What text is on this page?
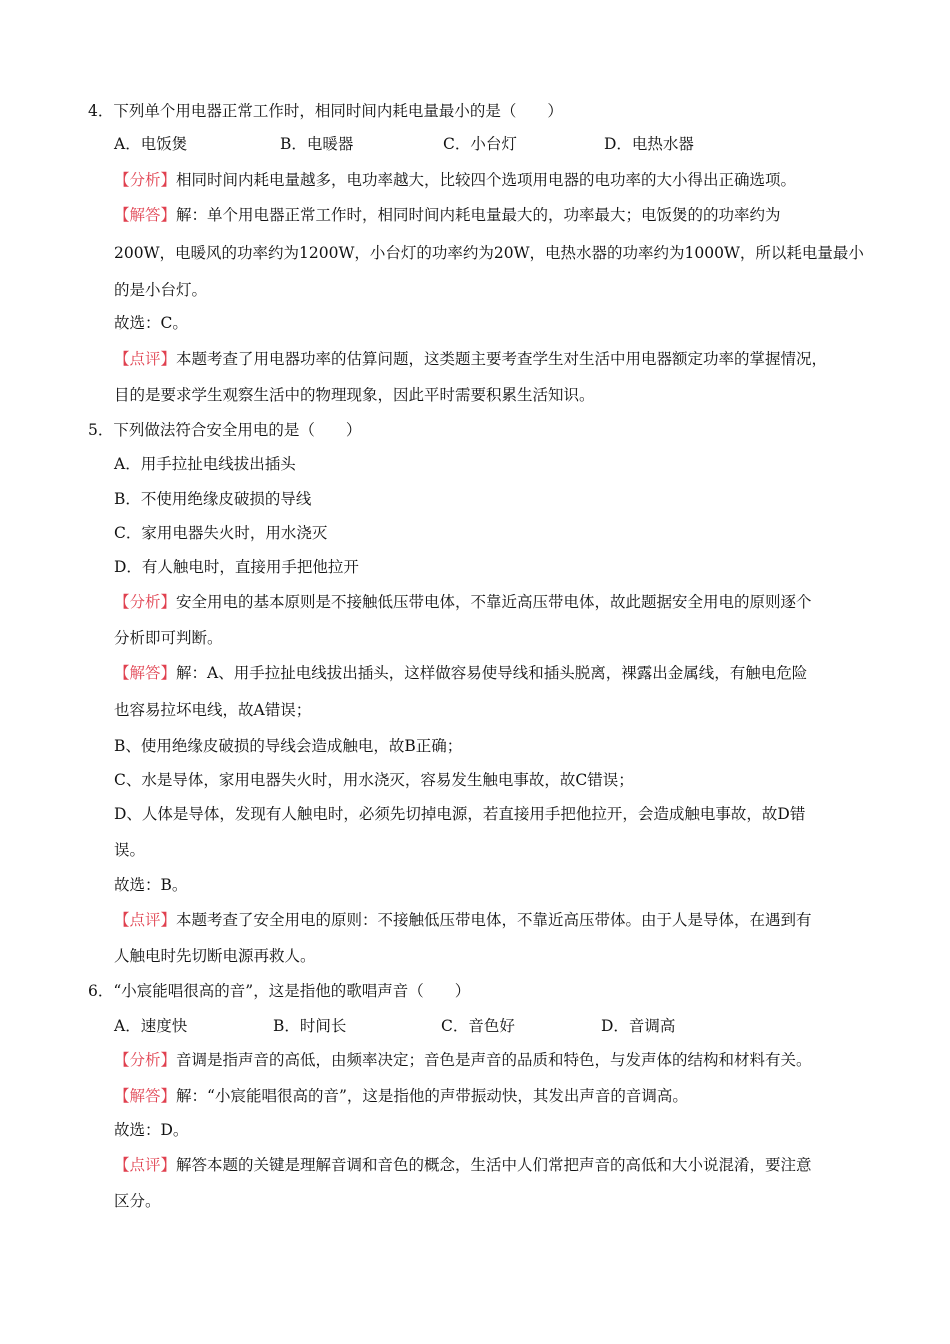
4．下列单个用电器正常工作时，相同时间内耗电量最小的是（　　）
A．电饭煲	B．电暖器	C．小台灯	D．电热水器
【分析】相同时间内耗电量越多，电功率越大，比较四个选项用电器的电功率的大小得出正确选项。
【解答】解：单个用电器正常工作时，相同时间内耗电量最大的，功率最大；电饭煲的的功率约为
200W，电暖风的功率约为1200W，小台灯的功率约为20W，电热水器的功率约为1000W，所以耗电量最小
的是小台灯。
故选：C。
【点评】本题考查了用电器功率的估算问题，这类题主要考查学生对生活中用电器额定功率的掌握情况，
目的是要求学生观察生活中的物理现象，因此平时需要积累生活知识。
5．下列做法符合安全用电的是（　　）
A．用手拉扯电线拔出插头
B．不使用绝缘皮破损的导线
C．家用电器失火时，用水浇灭
D．有人触电时，直接用手把他拉开
【分析】安全用电的基本原则是不接触低压带电体，不靠近高压带电体，故此题据安全用电的原则逐个
分析即可判断。
【解答】解：A、用手拉扯电线拔出插头，这样做容易使导线和插头脱离，裸露出金属线，有触电危险
也容易拉坏电线，故A错误；
B、使用绝缘皮破损的导线会造成触电，故B正确；
C、水是导体，家用电器失火时，用水浇灭，容易发生触电事故，故C错误；
D、人体是导体，发现有人触电时，必须先切掉电源，若直接用手把他拉开，会造成触电事故，故D错
误。
故选：B。
【点评】本题考查了安全用电的原则：不接触低压带电体，不靠近高压带体。由于人是导体，在遇到有
人触电时先切断电源再救人。
6．“小宸能唱很高的音”，这是指他的歌唱声音（　　）
A．速度快	B．时间长	C．音色好	D．音调高
【分析】音调是指声音的高低，由频率决定；音色是声音的品质和特色，与发声体的结构和材料有关。
【解答】解：“小宸能唱很高的音”，这是指他的声带振动快，其发出声音的音调高。
故选：D。
【点评】解答本题的关键是理解音调和音色的概念，生活中人们常把声音的高低和大小说混淆，要注意
区分。
